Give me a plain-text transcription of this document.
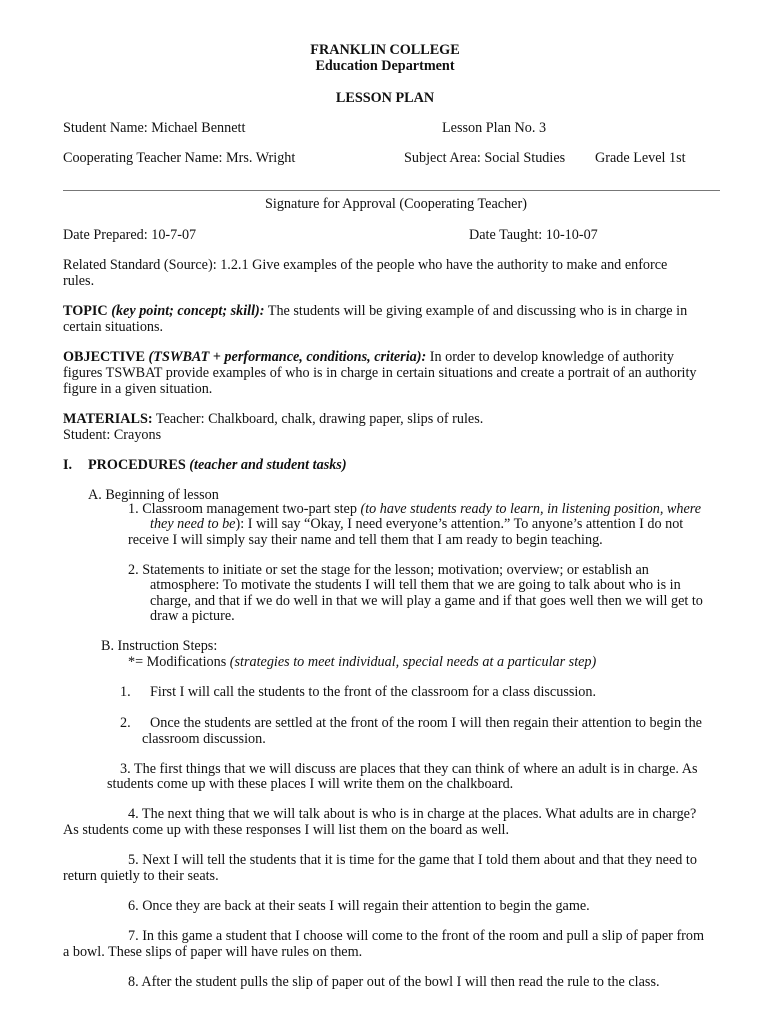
FRANKLIN COLLEGE
Education Department
LESSON PLAN
Student Name: Michael Bennett	Lesson Plan No. 3
Cooperating Teacher Name: Mrs. Wright	Subject Area: Social Studies Grade Level 1st
Signature for Approval (Cooperating Teacher)
Date Prepared: 10-7-07	Date Taught: 10-10-07
Related Standard (Source): 1.2.1 Give examples of the people who have the authority to make and enforce
rules.
TOPIC (key point; concept; skill): The students will be giving example of and discussing who is in charge in
certain situations.
OBJECTIVE (TSWBAT + performance, conditions, criteria): In order to develop knowledge of authority
figures TSWBAT provide examples of who is in charge in certain situations and create a portrait of an authority
figure in a given situation.
MATERIALS: Teacher: Chalkboard, chalk, drawing paper, slips of rules.
Student: Crayons
I. PROCEDURES (teacher and student tasks)
A. Beginning of lesson
1. Classroom management two-part step (to have students ready to learn, in listening position, where
they need to be): I will say “Okay, I need everyone’s attention.” To anyone’s attention I do not
receive I will simply say their name and tell them that I am ready to begin teaching.
2. Statements to initiate or set the stage for the lesson; motivation; overview; or establish an
atmosphere: To motivate the students I will tell them that we are going to talk about who is in
charge, and that if we do well in that we will play a game and if that goes well then we will get to
draw a picture.
B. Instruction Steps:
*= Modifications (strategies to meet individual, special needs at a particular step)
1. First I will call the students to the front of the classroom for a class discussion.
2. Once the students are settled at the front of the room I will then regain their attention to begin the
classroom discussion.
3. The first things that we will discuss are places that they can think of where an adult is in charge. As
students come up with these places I will write them on the chalkboard.
4. The next thing that we will talk about is who is in charge at the places. What adults are in charge?
As students come up with these responses I will list them on the board as well.
5. Next I will tell the students that it is time for the game that I told them about and that they need to
return quietly to their seats.
6. Once they are back at their seats I will regain their attention to begin the game.
7. In this game a student that I choose will come to the front of the room and pull a slip of paper from
a bowl. These slips of paper will have rules on them.
8. After the student pulls the slip of paper out of the bowl I will then read the rule to the class.
